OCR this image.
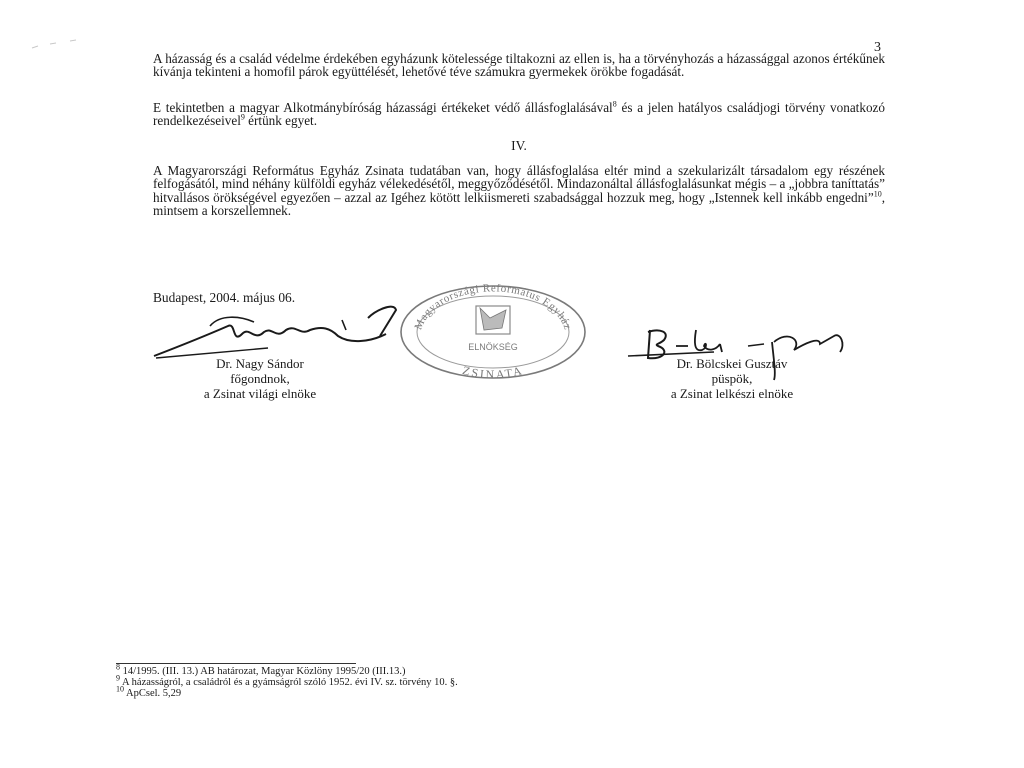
3

A házasság és a család védelme érdekében egyházunk kötelessége tiltakozni az ellen is, ha a törvényhozás a házassággal azonos értékűnek kívánja tekinteni a homofil párok együttélését, lehetővé téve számukra gyermekek örökbe fogadását.

E tekintetben a magyar Alkotmánybíróság házassági értékeket védő állásfoglalásával$^8$ és a jelen hatályos családjogi törvény vonatkozó rendelkezéseivel$^9$ értünk egyet.

IV.

A Magyarországi Református Egyház Zsinata tudatában van, hogy állásfoglalása eltér mind a szekularizált társadalom egy részének felfogásától, mind néhány külföldi egyház vélekedésétől, meggyőződésétől. Mindazonáltal állásfoglalásunkat mégis – a „jobbra taníttatás” hitvallásos örökségével egyezően – azzal az Igéhez kötött lelkiismereti szabadsággal hozzuk meg, hogy „Istennek kell inkább engedni”$^{10}$, mintsem a korszellemnek.

Budapest, 2004. május 06.
Magyarországi Református Egyház
ELNÖKSÉG
ZSINATA
Dr. Nagy Sándor
főgondnok,
a Zsinat világi elnöke
Dr. Bölcskei Gusztáv
püspök,
a Zsinat lelkészi elnöke
$^8$ 14/1995. (III. 13.) AB határozat, Magyar Közlöny 1995/20 (III.13.)
$^9$ A házasságról, a családról és a gyámságról szóló 1952. évi IV. sz. törvény 10. §.
$^{10}$ ApCsel. 5,29
